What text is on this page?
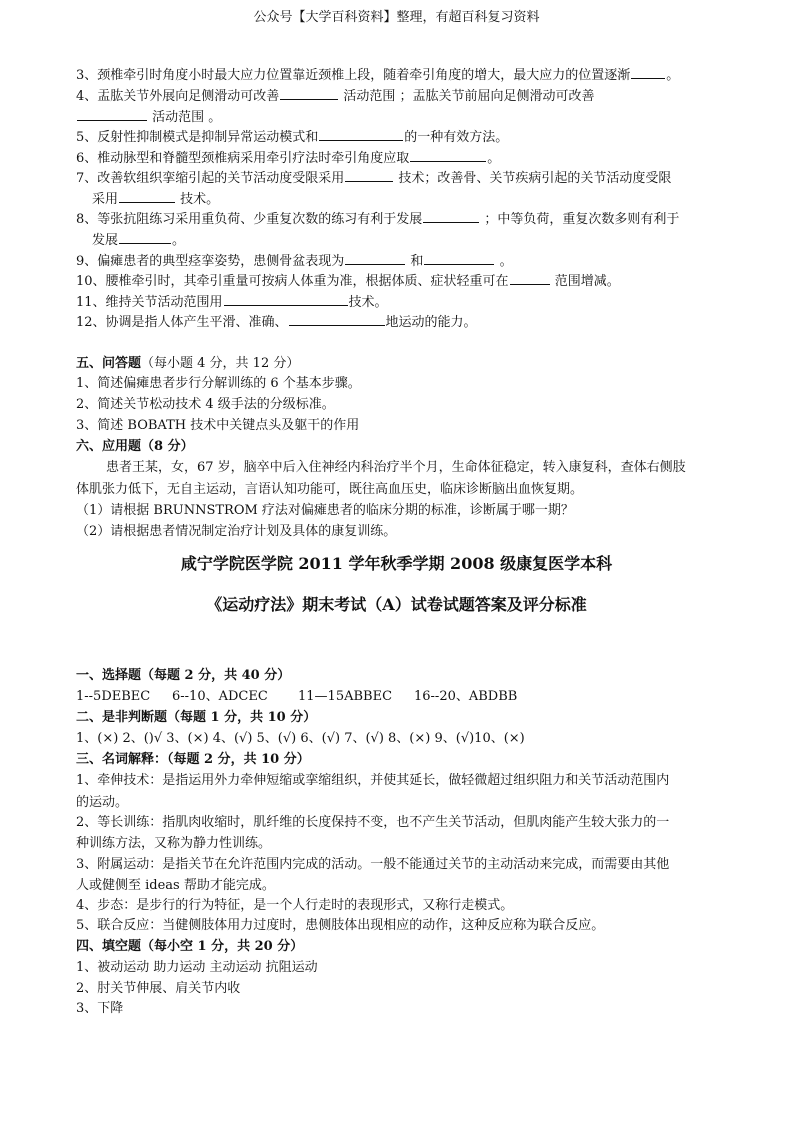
公众号【大学百科资料】整理，有超百科复习资料
3、颈椎牵引时角度小时最大应力位置靠近颈椎上段，随着牵引角度的增大，最大应力的位置逐渐	。
4、盂肱关节外展向足侧滑动可改善	活动范围 ；盂肱关节前屈向足侧滑动可改善
活动范围 。
5、反射性抑制模式是抑制异常运动模式和	的一种有效方法。
6、椎动脉型和脊髓型颈椎病采用牵引疗法时牵引角度应取	。
7、改善软组织挛缩引起的关节活动度受限采用	技术；改善骨、关节疾病引起的关节活动度受限
采用	技术。
8、等张抗阻练习采用重负荷、少重复次数的练习有利于发展	；中等负荷，重复次数多则有利于
发展	。
9、偏瘫患者的典型痉挛姿势，患侧骨盆表现为	和	。
10、腰椎牵引时，其牵引重量可按病人体重为准，根据体质、症状轻重可在	范围增减。
11、维持关节活动范围用	技术。
12、协调是指人体产生平滑、准确、	地运动的能力。
五、问答题（每小题 4 分，共 12 分）
1、简述偏瘫患者步行分解训练的 6 个基本步骤。
2、简述关节松动技术 4 级手法的分级标准。
3、简述 BOBATH 技术中关键点头及躯干的作用
六、应用题（8 分）
患者王某，女，67 岁，脑卒中后入住神经内科治疗半个月，生命体征稳定，转入康复科，查体右侧肢
体肌张力低下，无自主运动，言语认知功能可，既往高血压史，临床诊断脑出血恢复期。
（1）请根据 BRUNNSTROM 疗法对偏瘫患者的临床分期的标准，诊断属于哪一期？
（2）请根据患者情况制定治疗计划及具体的康复训练。
咸宁学院医学院 2011 学年秋季学期 2008 级康复医学本科
《运动疗法》期末考试（A）试卷试题答案及评分标准
一、选择题（每题 2 分，共 40 分）
1--5DEBEC 6--10、ADCEC 11—15ABBEC 16--20、ABDBB
二、是非判断题（每题 1 分，共 10 分）
1、(×) 2、()√ 3、(×) 4、(√) 5、(√) 6、(√) 7、(√) 8、(×) 9、(√)10、(×)
三、名词解释：（每题 2 分，共 10 分）
1、牵伸技术：是指运用外力牵伸短缩或挛缩组织，并使其延长，做轻微超过组织阻力和关节活动范围内
的运动。
2、等长训练：指肌肉收缩时，肌纤维的长度保持不变，也不产生关节活动，但肌肉能产生较大张力的一
种训练方法，又称为静力性训练。
3、附属运动：是指关节在允许范围内完成的活动。一般不能通过关节的主动活动来完成，而需要由其他
人或健侧至 ideas 帮助才能完成。
4、步态：是步行的行为特征，是一个人行走时的表现形式，又称行走模式。
5、联合反应：当健侧肢体用力过度时，患侧肢体出现相应的动作，这种反应称为联合反应。
四、填空题（每小空 1 分，共 20 分）
1、被动运动 助力运动 主动运动 抗阻运动
2、肘关节伸展、肩关节内收
3、下降
